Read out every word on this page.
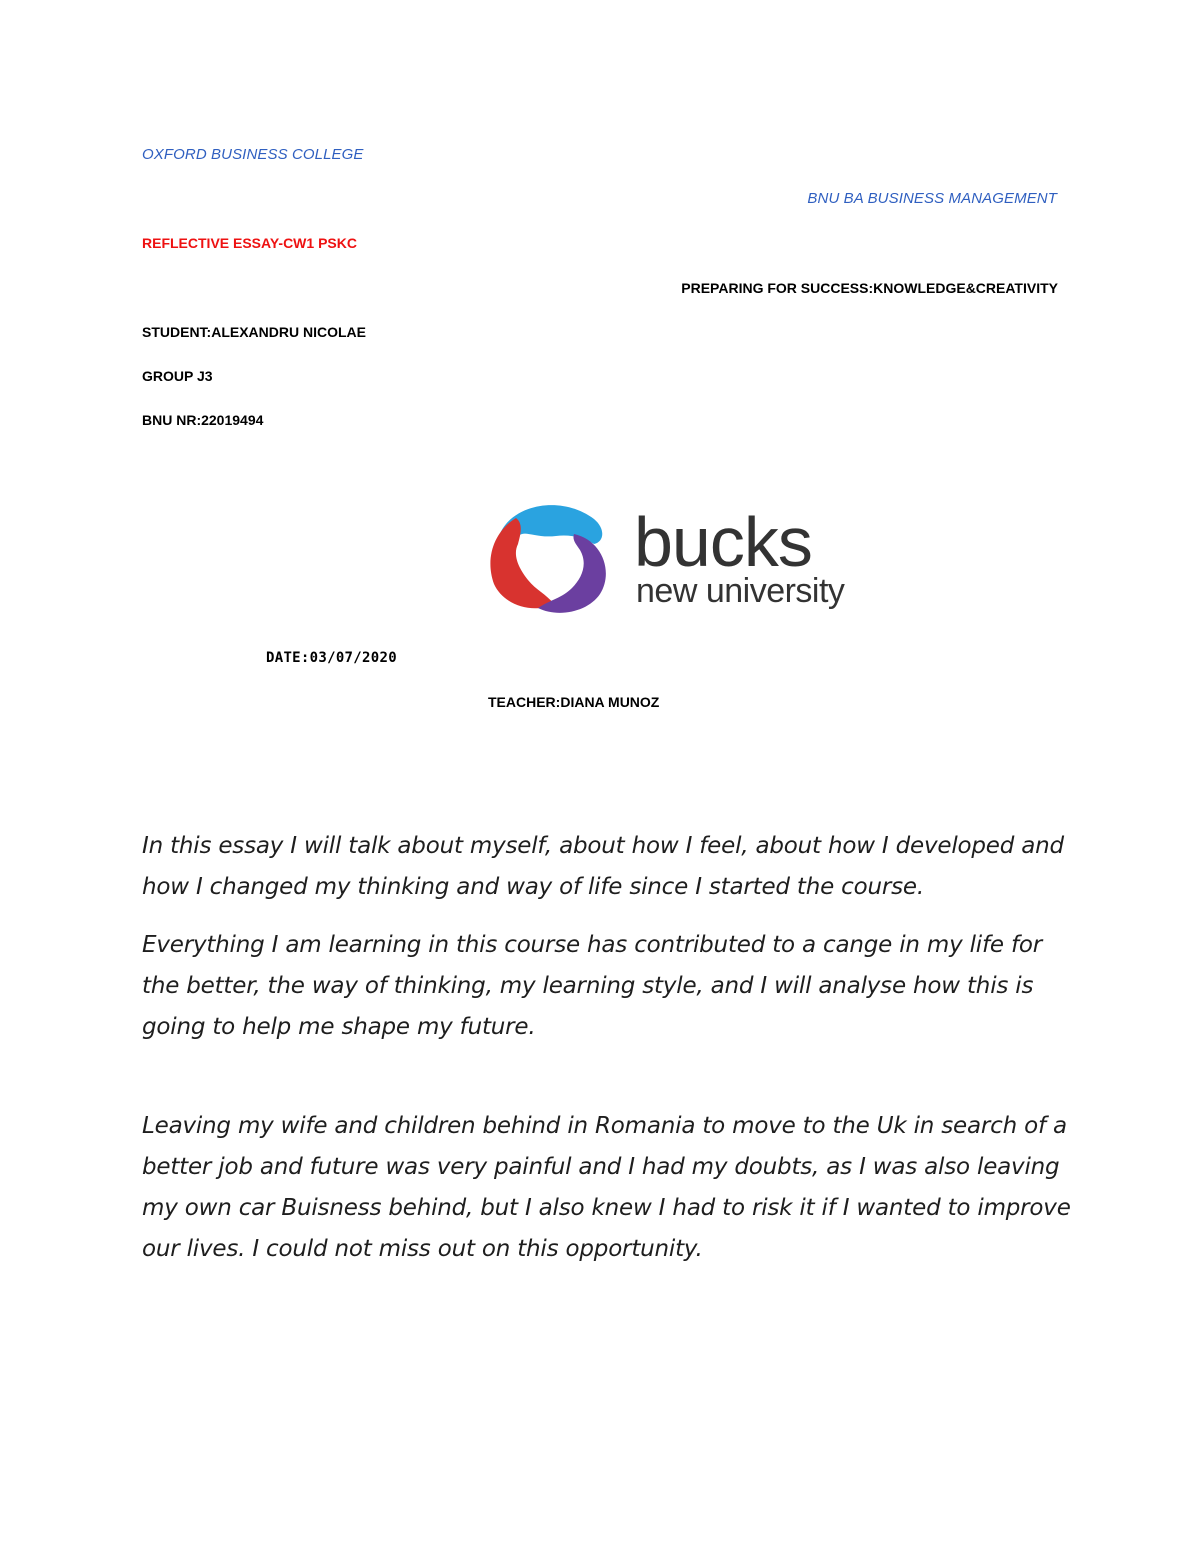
OXFORD BUSINESS COLLEGE
BNU BA BUSINESS MANAGEMENT
REFLECTIVE ESSAY-CW1 PSKC
PREPARING FOR SUCCESS:KNOWLEDGE&CREATIVITY
STUDENT:ALEXANDRU NICOLAE
GROUP J3
BNU NR:22019494
bucks
new university
DATE:03/07/2020
TEACHER:DIANA MUNOZ

In this essay I will talk about myself, about how I feel, about how I developed and how I changed my thinking and way of life since I started the course.

Everything I am learning in this course has contributed to a cange in my life for the better, the way of thinking, my learning style, and I will analyse how this is going to help me shape my future.

Leaving my wife and children behind in Romania to move to the Uk in search of a better job and future was very painful and I had my doubts, as I was also leaving my own car Buisness behind, but I also knew I had to risk it if I wanted to improve our lives. I could not miss out on this opportunity.
